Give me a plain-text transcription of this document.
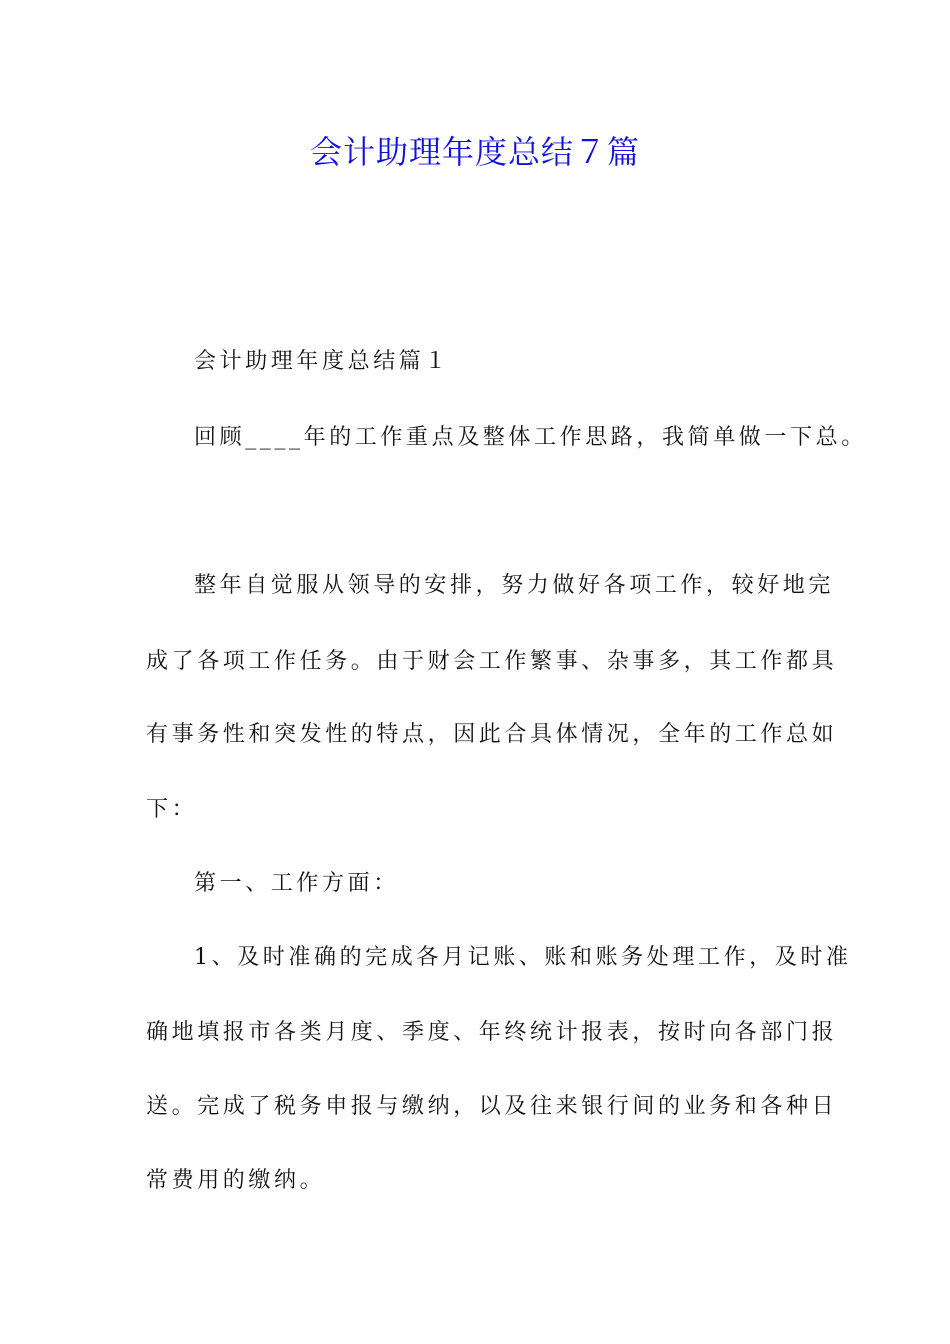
会计助理年度总结７篇
会计助理年度总结篇１
回顾____年的工作重点及整体工作思路，我简单做一下总。
整年自觉服从领导的安排，努力做好各项工作，较好地完
成了各项工作任务。由于财会工作繁事、杂事多，其工作都具
有事务性和突发性的特点，因此合具体情况，全年的工作总如
下：
第一、工作方面：
1、及时准确的完成各月记账、账和账务处理工作，及时准
确地填报市各类月度、季度、年终统计报表，按时向各部门报
送。完成了税务申报与缴纳，以及往来银行间的业务和各种日
常费用的缴纳。
